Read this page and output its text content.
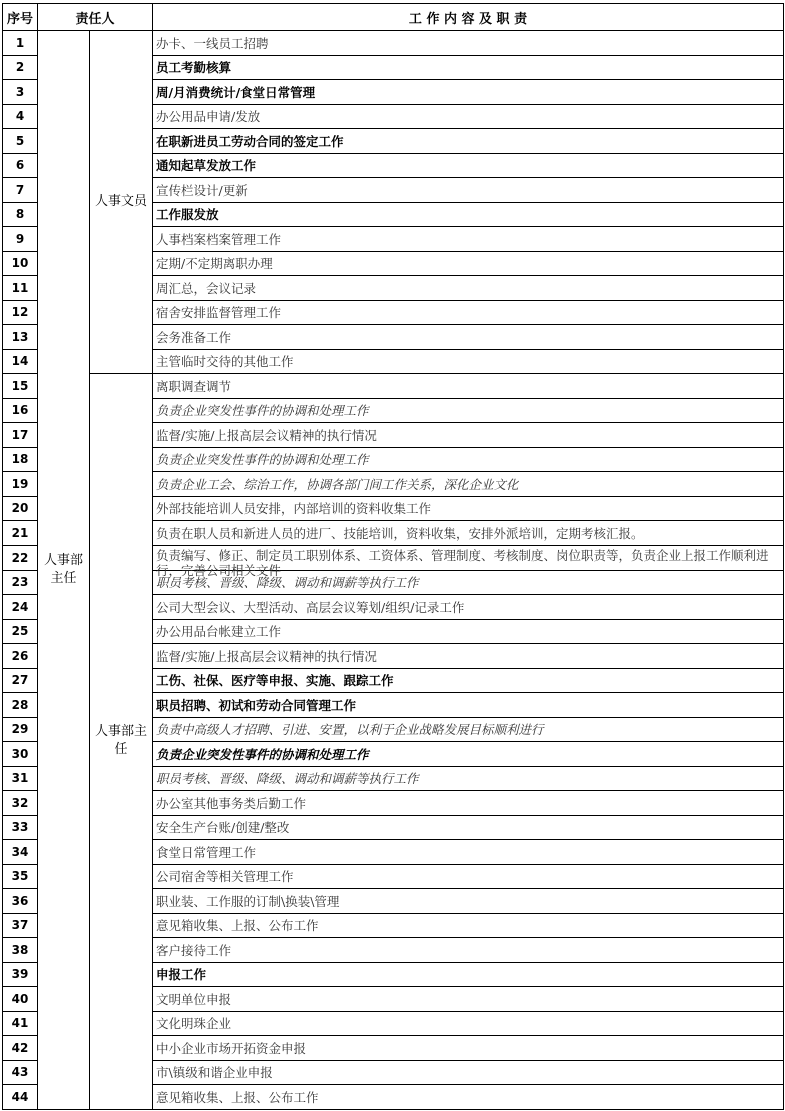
序号	责任人		工 作 内 容 及 职 责
1	人事部主任	人事文员	办卡、一线员工招聘
2			员工考勤核算
3			周/月消费统计/食堂日常管理
4			办公用品申请/发放
5			在职新进员工劳动合同的签定工作
6			通知起草发放工作
7			宣传栏设计/更新
8			工作服发放
9			人事档案档案管理工作
10			定期/不定期离职办理
11			周汇总，会议记录
12			宿舍安排监督管理工作
13			会务准备工作
14			主管临时交待的其他工作
15		人事部主任	离职调查调节
16			负责企业突发性事件的协调和处理工作
17			监督/实施/上报高层会议精神的执行情况
18			负责企业突发性事件的协调和处理工作
19			负责企业工会、综治工作，协调各部门间工作关系，深化企业文化
20			外部技能培训人员安排，内部培训的资料收集工作
21			负责在职人员和新进人员的进厂、技能培训，资料收集，安排外派培训，定期考核汇报。
22			负责编写、修正、制定员工职别体系、工资体系、管理制度、考核制度、岗位职责等，负责企业上报工作顺利进行，完善公司相关文件

23			职员考核、晋级、降级、调动和调薪等执行工作
24			公司大型会议、大型活动、高层会议筹划/组织/记录工作
25			办公用品台帐建立工作
26			监督/实施/上报高层会议精神的执行情况
27			工伤、社保、医疗等申报、实施、跟踪工作
28			职员招聘、初试和劳动合同管理工作
29			负责中高级人才招聘、引进、安置，以利于企业战略发展目标顺利进行
30			负责企业突发性事件的协调和处理工作
31			职员考核、晋级、降级、调动和调薪等执行工作
32			办公室其他事务类后勤工作
33			安全生产台账/创建/整改
34			食堂日常管理工作
35			公司宿舍等相关管理工作
36			职业装、工作服的订制\换装\管理
37			意见箱收集、上报、公布工作
38			客户接待工作
39			申报工作
40			文明单位申报
41			文化明珠企业
42			中小企业市场开拓资金申报
43			市\镇级和谐企业申报
44			意见箱收集、上报、公布工作
